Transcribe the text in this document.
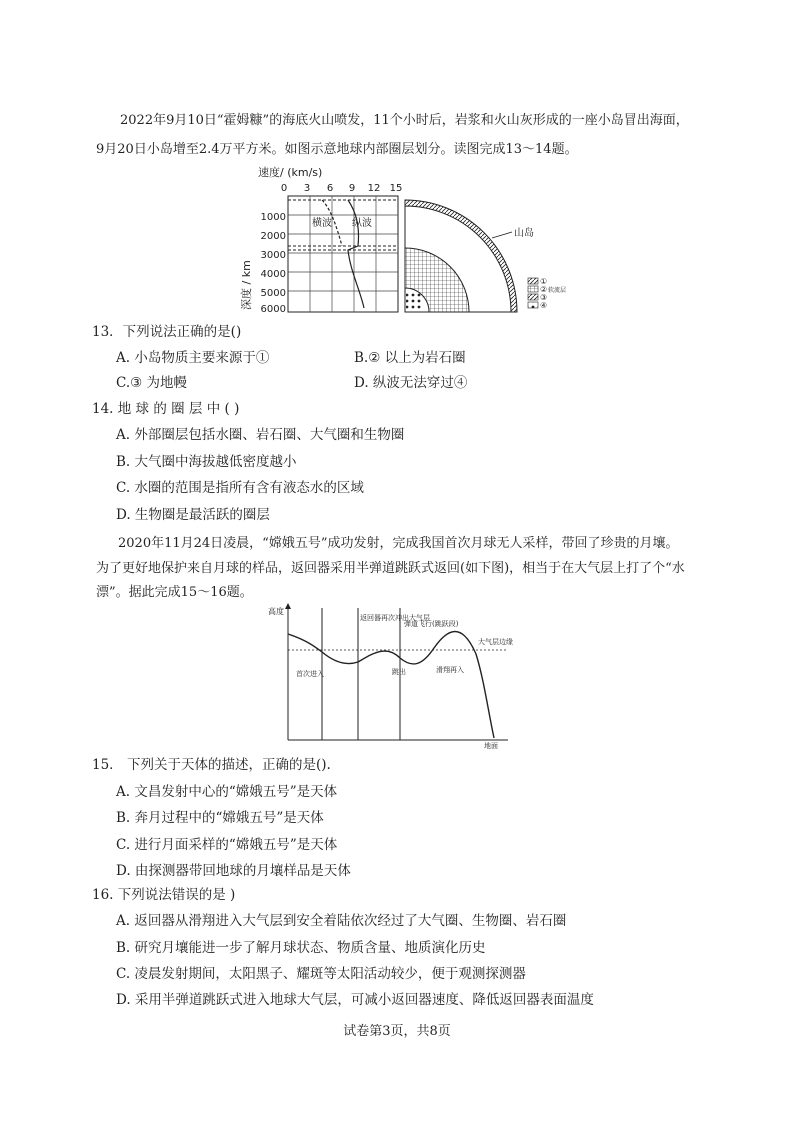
2022年9月10日“霍姆糠”的海底火山喷发，11个小时后，岩浆和火山灰形成的一座小岛冒出海面，
9月20日小岛增至2.4万平方米。如图示意地球内部圈层划分。读图完成13～14题。
速度/ (km/s)
0 3 6 9 12 15
1000
2000
3000
4000
5000
6000
深度 / km
横波 纵波
山岛
①
② 软流层
③
④
13．下列说法正确的是()
A. 小岛物质主要来源于①	B.② 以上为岩石圈
C.③ 为地幔	D. 纵波无法穿过④
14. 地 球 的 圈 层 中 ( )
A. 外部圈层包括水圈、岩石圈、大气圈和生物圈
B. 大气圈中海拔越低密度越小
C. 水圈的范围是指所有含有液态水的区域
D. 生物圈是最活跃的圈层
2020年11月24日凌晨，“嫦娥五号”成功发射，完成我国首次月球无人采样，带回了珍贵的月壤。
为了更好地保护来自月球的样品，返回器采用半弹道跳跃式返回(如下图)，相当于在大气层上打了个“水
漂”。据此完成15～16题。
高度
地面
返回器再次冲出大气层
弹道飞行(跳跃段)
大气层边缘
首次进入	跳出	滑翔再入
15． 下列关于天体的描述，正确的是().
A. 文昌发射中心的“嫦娥五号”是天体
B. 奔月过程中的“嫦娥五号”是天体
C. 进行月面采样的“嫦娥五号”是天体
D. 由探测器带回地球的月壤样品是天体
16. 下列说法错误的是 )
A. 返回器从滑翔进入大气层到安全着陆依次经过了大气圈、生物圈、岩石圈
B. 研究月壤能进一步了解月球状态、物质含量、地质演化历史
C. 凌晨发射期间，太阳黑子、耀斑等太阳活动较少，便于观测探测器
D. 采用半弹道跳跃式进入地球大气层，可减小返回器速度、降低返回器表面温度
试卷第3页，共8页
